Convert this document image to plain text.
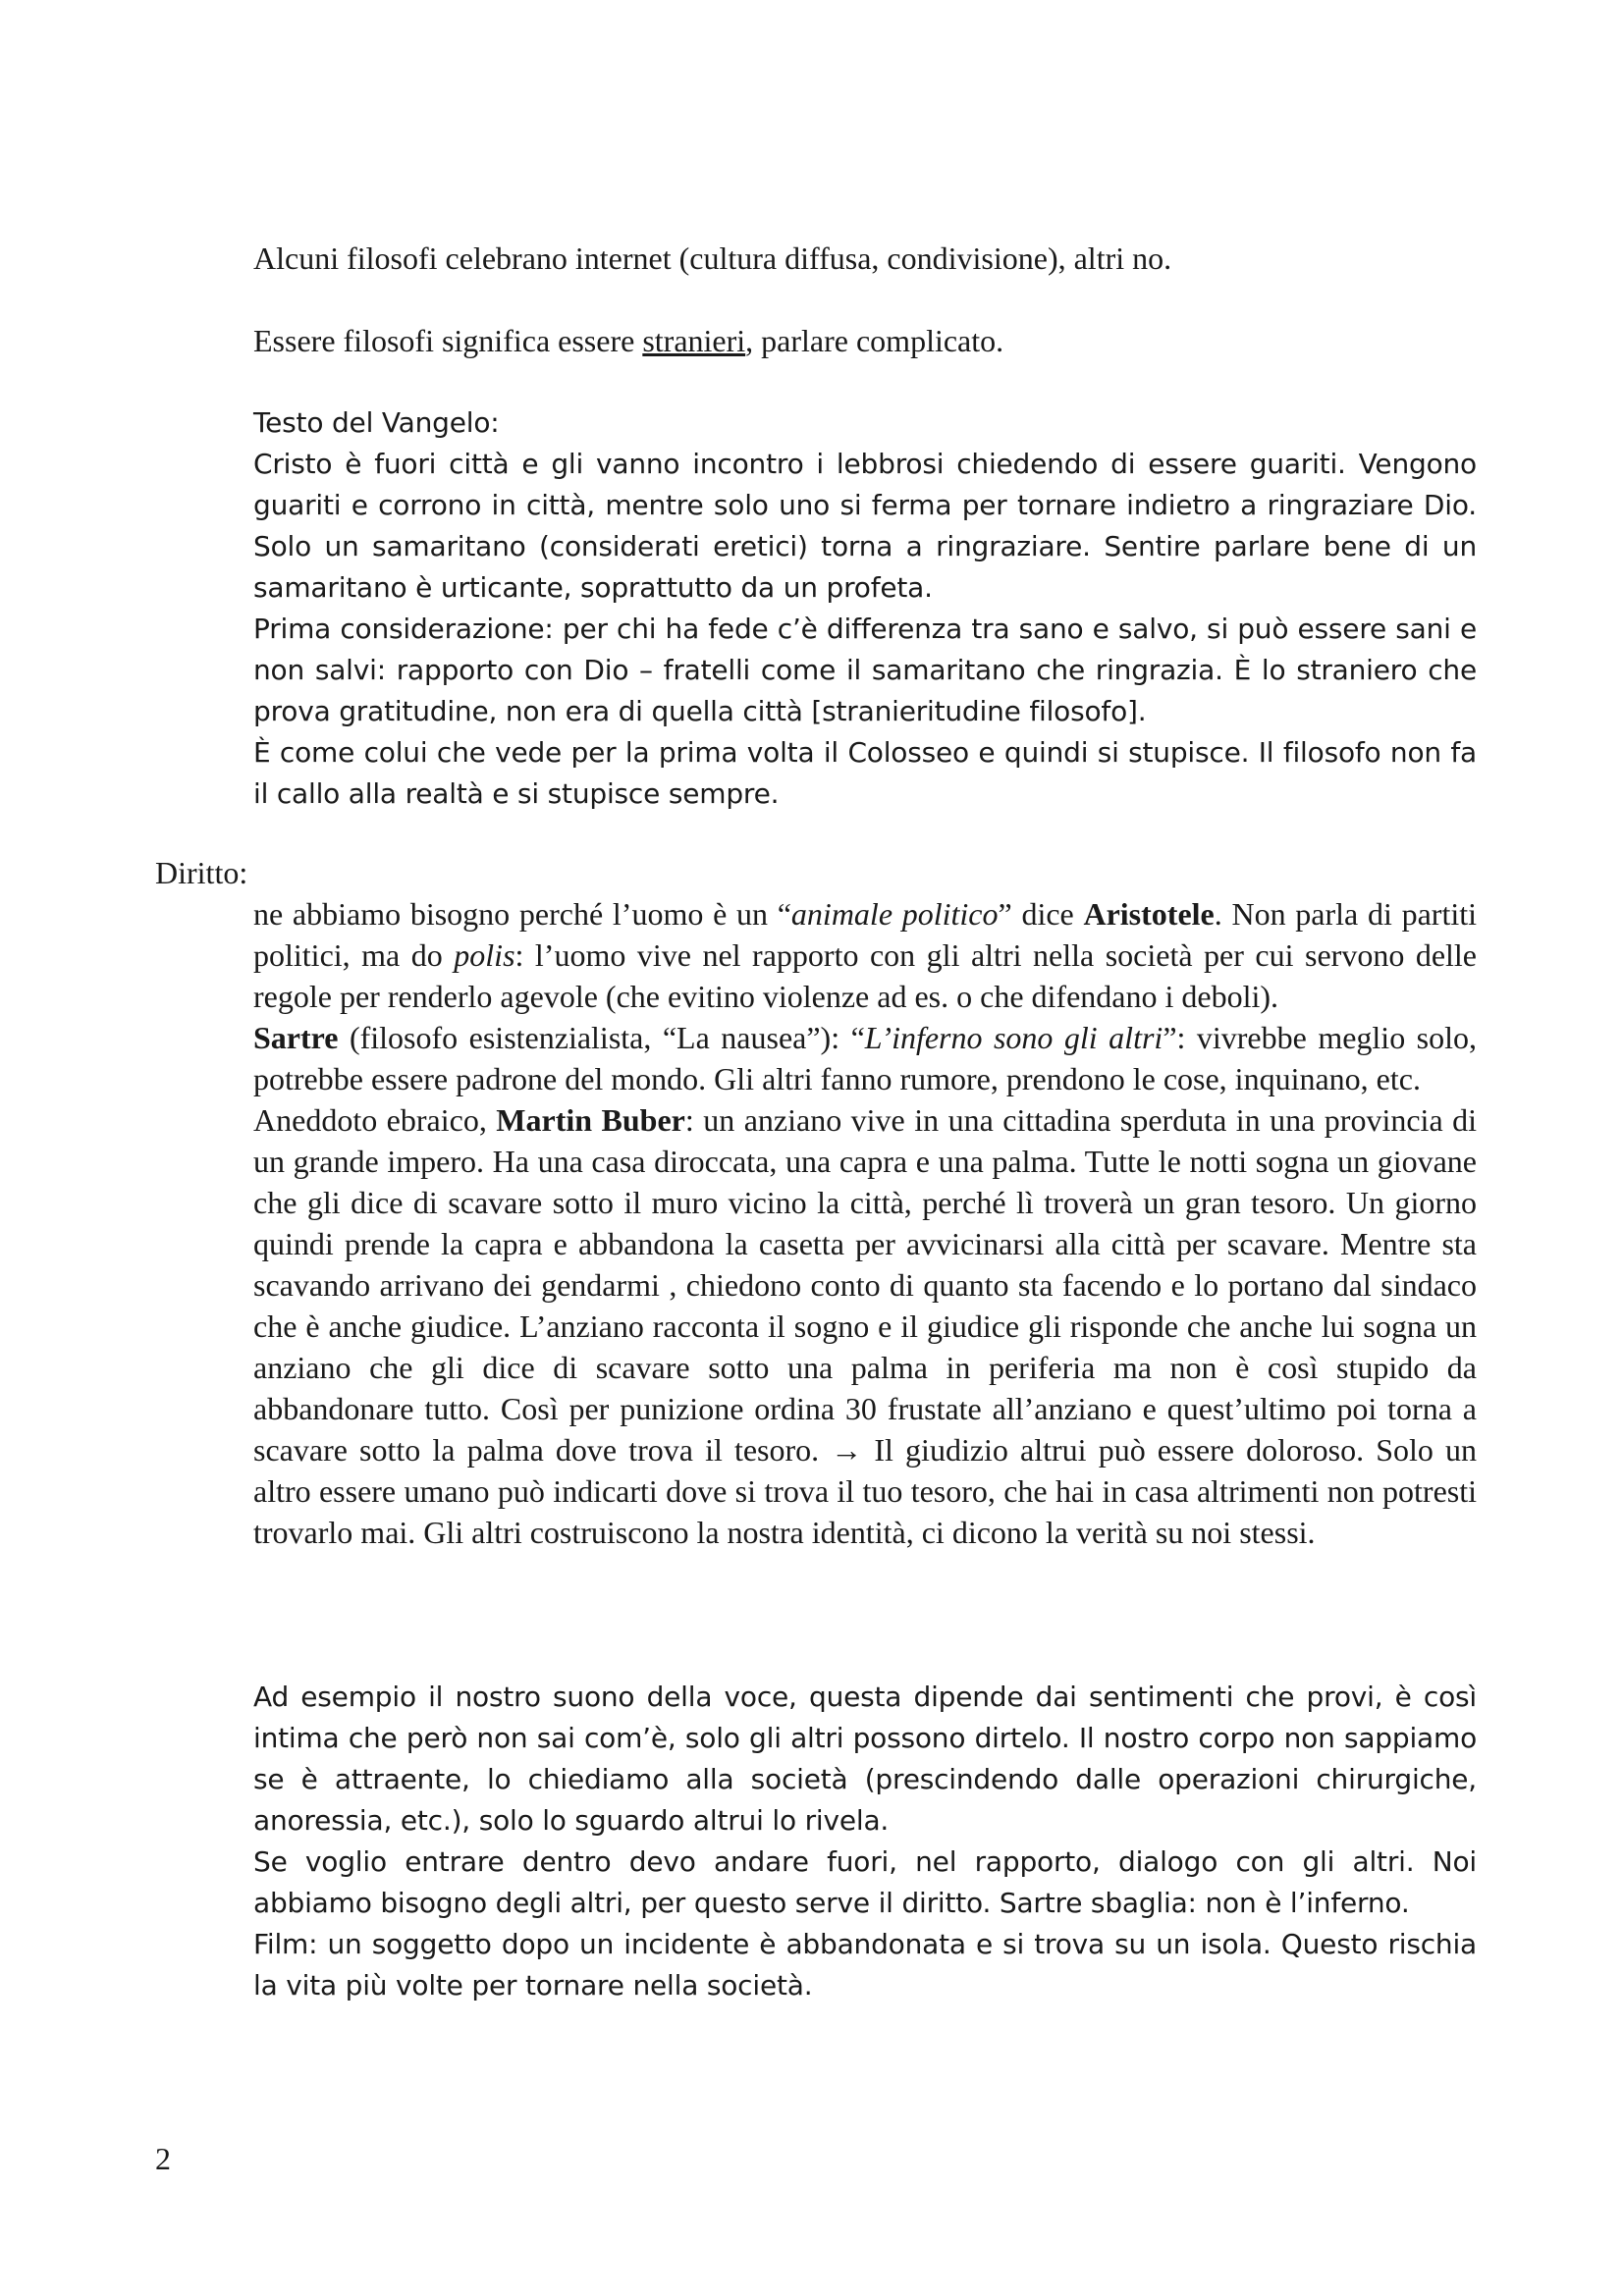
Alcuni filosofi celebrano internet (cultura diffusa, condivisione), altri no.

Essere filosofi significa essere stranieri, parlare complicato.

Testo del Vangelo:

Cristo è fuori città e gli vanno incontro i lebbrosi chiedendo di essere guariti. Vengono guariti e corrono in città, mentre solo uno si ferma per tornare indietro a ringraziare Dio. Solo un samaritano (considerati eretici) torna a ringraziare. Sentire parlare bene di un samaritano è urticante, soprattutto da un profeta.

Prima considerazione: per chi ha fede c’è differenza tra sano e salvo, si può essere sani e non salvi: rapporto con Dio – fratelli come il samaritano che ringrazia. È lo straniero che prova gratitudine, non era di quella città [stranieritudine filosofo].

È come colui che vede per la prima volta il Colosseo e quindi si stupisce. Il filosofo non fa il callo alla realtà e si stupisce sempre.

Diritto:

ne abbiamo bisogno perché l’uomo è un “animale politico” dice Aristotele. Non parla di partiti politici, ma do polis: l’uomo vive nel rapporto con gli altri nella società per cui servono delle regole per renderlo agevole (che evitino violenze ad es. o che difendano i deboli).

Sartre (filosofo esistenzialista, “La nausea”): “L’inferno sono gli altri”: vivrebbe meglio solo, potrebbe essere padrone del mondo. Gli altri fanno rumore, prendono le cose, inquinano, etc.

Aneddoto ebraico, Martin Buber: un anziano vive in una cittadina sperduta in una provincia di un grande impero. Ha una casa diroccata, una capra e una palma. Tutte le notti sogna un giovane che gli dice di scavare sotto il muro vicino la città, perché lì troverà un gran tesoro. Un giorno quindi prende la capra e abbandona la casetta per avvicinarsi alla città per scavare. Mentre sta scavando arrivano dei gendarmi , chiedono conto di quanto sta facendo e lo portano dal sindaco che è anche giudice. L’anziano racconta il sogno e il giudice gli risponde che anche lui sogna un anziano che gli dice di scavare sotto una palma in periferia ma non è così stupido da abbandonare tutto. Così per punizione ordina 30 frustate all’anziano e quest’ultimo poi torna a scavare sotto la palma dove trova il tesoro. → Il giudizio altrui può essere doloroso. Solo un altro essere umano può indicarti dove si trova il tuo tesoro, che hai in casa altrimenti non potresti trovarlo mai. Gli altri costruiscono la nostra identità, ci dicono la verità su noi stessi.

Ad esempio il nostro suono della voce, questa dipende dai sentimenti che provi, è così intima che però non sai com’è, solo gli altri possono dirtelo. Il nostro corpo non sappiamo se è attraente, lo chiediamo alla società (prescindendo dalle operazioni chirurgiche, anoressia, etc.), solo lo sguardo altrui lo rivela.

Se voglio entrare dentro devo andare fuori, nel rapporto, dialogo con gli altri. Noi abbiamo bisogno degli altri, per questo serve il diritto. Sartre sbaglia: non è l’inferno.

Film: un soggetto dopo un incidente è abbandonata e si trova su un isola. Questo rischia la vita più volte per tornare nella società.

2
